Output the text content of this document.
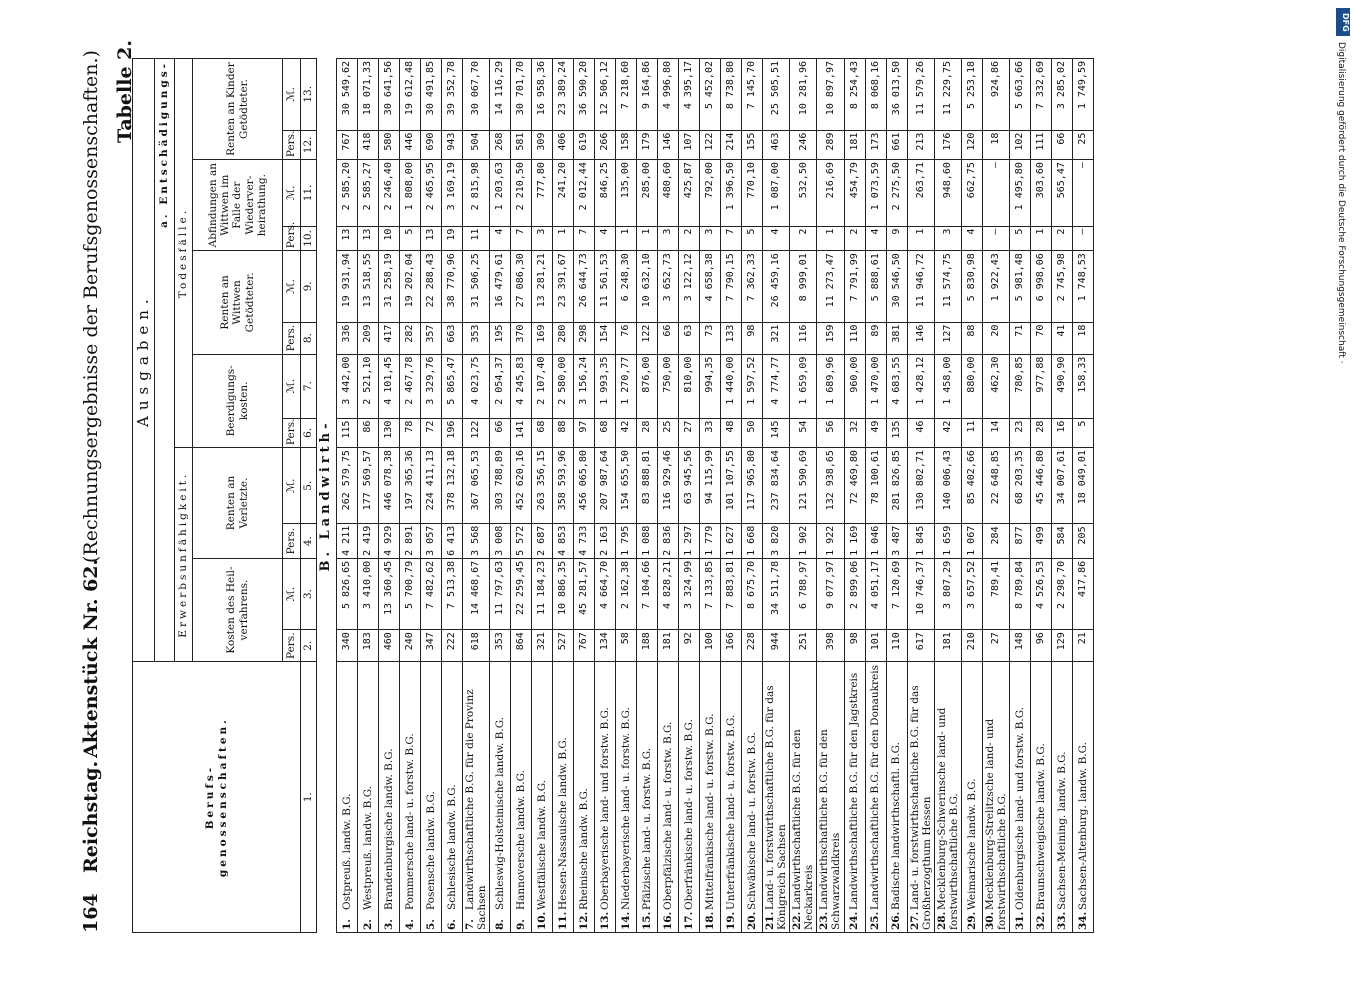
164
Reichstag.
Aktenstück Nr. 62.
(Rechnungsergebnisse der Berufsgenossenschaften.) Tabelle 2.
Berufs- genossenschaften.	Ausgaben.											
	a. Entschädigungs-											
	Erwerbsunfähigkeit.				Todesfälle.							
	Kosten des Heil-verfahrens.		Renten an Verletzte.		Beerdigungs-kosten.		Renten an Wittwen Getödteter.		Abfindungen an Wittwen im Falle der Wiederver-heirathung.		Renten an Kinder Getödteter.	
	Pers.	ℳ.	Pers.	ℳ.	Pers.	ℳ.	Pers.	ℳ.	Pers.	ℳ.	Pers.	ℳ.
1.	2.	3.	4.	5.	6.	7.	8.	9.	10.	11.	12.	13.
B. Landwirth-												
1.Ostpreuß. landw. B.G.	340	5 826,65	4 211	262 579,75	115	3 442,00	336	19 931,94	13	2 585,20	767	30 549,62
2.Westpreuß. landw. B.G.	183	3 410,00	2 419	177 569,57	86	2 521,10	209	13 518,55	13	2 585,27	418	18 071,33
3.Brandenburgische landw. B.G.	460	13 360,45	4 929	446 078,38	130	4 101,45	417	31 258,19	10	2 246,40	580	30 641,56
4.Pommersche land- u. forstw. B.G.	240	5 700,79	2 891	197 365,36	78	2 467,78	282	19 202,04	5	1 808,00	446	19 612,48
5.Posensche landw. B.G.	347	7 482,62	3 057	224 411,13	72	3 329,76	357	22 288,43	13	2 465,95	690	30 491,85
6.Schlesische landw. B.G.	222	7 513,38	6 413	378 132,18	196	5 865,47	663	38 770,96	19	3 169,19	943	39 352,78
7.Landwirthschaftliche B.G. für die Provinz Sachsen	618	14 468,67	3 568	367 065,53	122	4 023,75	353	31 506,25	11	2 815,98	504	30 067,70
8.Schleswig-Holsteinische landw. B.G.	353	11 797,63	3 008	303 788,89	66	2 054,37	195	16 479,61	4	1 203,63	268	14 116,29
9.Hannoversche landw. B.G.	864	22 259,45	5 572	452 620,16	141	4 245,83	370	27 086,30	7	2 210,50	581	30 701,70
10.Westfälische landw. B.G.	321	11 184,23	2 687	263 356,15	68	2 107,40	169	13 281,21	3	777,80	309	16 958,36
11.Hessen-Nassauische landw. B.G.	527	10 886,35	4 853	358 593,96	88	2 580,00	280	23 391,67	1	241,20	406	23 389,24
12.Rheinische landw. B.G.	767	45 281,57	4 733	456 065,80	97	3 156,24	298	26 644,73	7	2 012,44	619	36 590,20
13.Oberbayerische land- und forstw. B.G.	134	4 664,70	2 163	207 987,64	68	1 993,35	154	11 561,53	4	846,25	266	12 506,12
14.Niederbayerische land- u. forstw. B.G.	58	2 162,38	1 795	154 655,50	42	1 270,77	76	6 248,30	1	135,00	158	7 218,60
15.Pfälzische land- u. forstw. B.G.	188	7 104,66	1 088	83 888,81	28	876,00	122	10 632,10	1	285,00	179	9 164,86
16.Oberpfälzische land- u. forstw. B.G.	181	4 828,21	2 836	116 929,46	25	750,00	66	3 652,73	3	480,60	146	4 996,80
17.Oberfränkische land- u. forstw. B.G.	92	3 324,99	1 297	63 945,56	27	810,00	63	3 122,12	2	425,87	107	4 395,17
18.Mittelfränkische land- u. forstw. B.G.	100	7 133,85	1 779	94 115,99	33	994,35	73	4 658,38	3	792,00	122	5 452,02
19.Unterfränkische land- u. forstw. B.G.	166	7 883,81	1 627	101 107,55	48	1 440,00	133	7 790,15	7	1 396,50	214	8 738,80
20.Schwäbische land- u. forstw. B.G.	228	8 675,70	1 668	117 965,80	50	1 597,52	98	7 362,33	5	770,10	155	7 145,70
21.Land- u. forstwirthschaftliche B.G. für das Königreich Sachsen	944	34 511,78	3 820	237 834,64	145	4 774,77	321	26 459,16	4	1 087,00	463	25 505,51
22.Landwirthschaftliche B.G. für den Neckarkreis	251	6 788,97	1 902	121 590,69	54	1 659,09	116	8 999,01	2	532,50	246	10 281,96
23.Landwirthschaftliche B.G. für den Schwarzwaldkreis	398	9 077,97	1 922	132 938,65	56	1 689,96	159	11 273,47	1	216,69	289	10 897,97
24.Landwirthschaftliche B.G. für den Jagstkreis	98	2 899,06	1 169	72 469,80	32	960,00	110	7 791,99	2	454,79	181	8 254,43
25.Landwirthschaftliche B.G. für den Donaukreis	101	4 051,17	1 046	78 100,61	49	1 470,00	89	5 888,61	4	1 073,59	173	8 068,16
26.Badische landwirthschaftl. B.G.	110	7 120,69	3 487	281 826,85	135	4 683,55	381	30 546,50	9	2 275,50	661	36 013,50
27.Land- u. forstwirthschaftliche B.G. für das Großherzogthum Hessen	617	10 746,37	1 845	130 802,71	46	1 428,12	146	11 946,72	1	263,71	213	11 579,26
28.Mecklenburg-Schwerinsche land- und forstwirthschaftliche B.G.	181	3 807,29	1 659	140 006,43	42	1 458,00	127	11 574,75	3	948,60	176	11 229,75
29.Weimarische landw. B.G.	210	3 657,52	1 067	85 402,66	11	880,00	88	5 830,98	4	662,75	120	5 253,18
30.Mecklenburg-Strelitzsche land- und forstwirthschaftliche B.G.	27	789,41	284	22 648,85	14	462,30	20	1 922,43	—	—	18	924,86
31.Oldenburgische land- und forstw. B.G.	148	8 789,84	877	68 203,35	23	780,85	71	5 981,48	5	1 495,80	102	5 663,66
32.Braunschweigische landw. B.G.	96	4 526,53	499	45 446,80	28	977,88	70	6 998,06	1	303,60	111	7 332,69
33.Sachsen-Meining. landw. B.G.	129	2 298,70	584	34 007,61	16	490,90	41	2 745,98	2	565,47	66	3 285,02
34.Sachsen-Altenburg. landw. B.G.	21	417,86	205	18 049,01	5	158,33	18	1 748,53	—	—	25	1 749,59
DFG
Digitalisierung gefördert durch die Deutsche Forschungsgemeinschaft ·
